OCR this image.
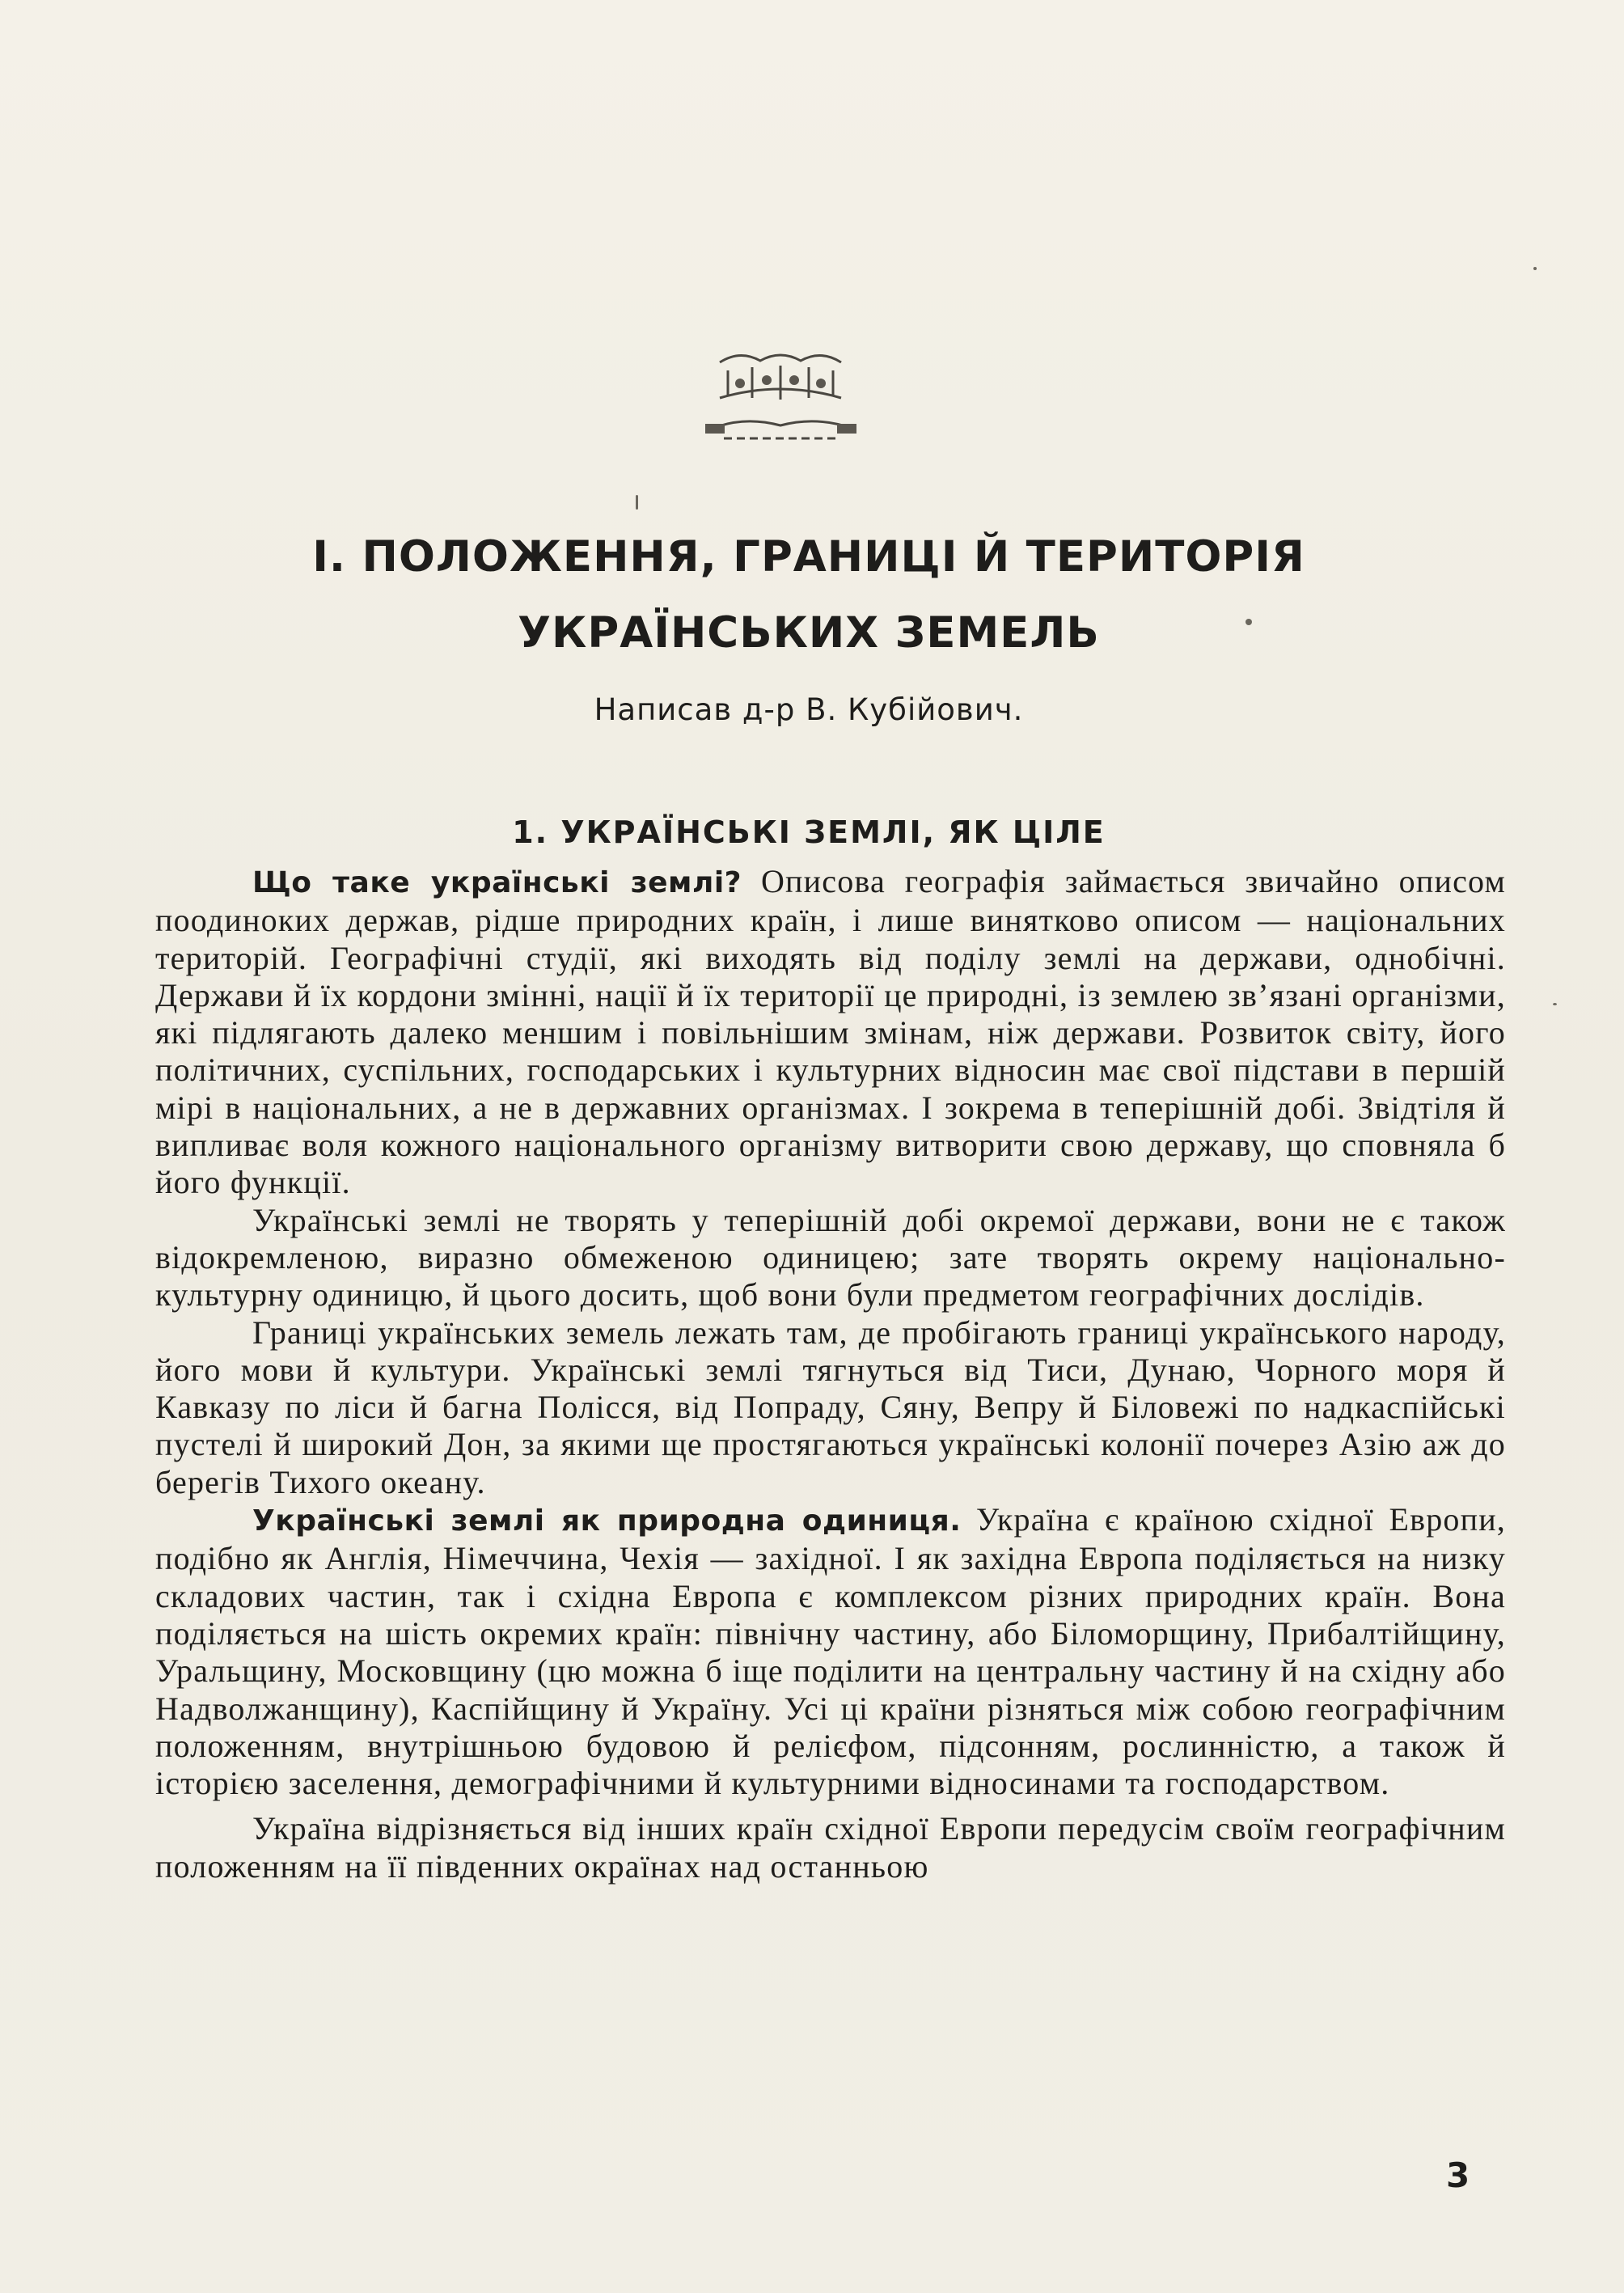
І. ПОЛОЖЕННЯ, ГРАНИЦІ Й ТЕРИТОРІЯ
УКРАЇНСЬКИХ ЗЕМЕЛЬ
Написав д-р В. Кубійович.
1. УКРАЇНСЬКІ ЗЕМЛІ, ЯК ЦІЛЕ

Що таке українські землі? Описова географія займається звичайно описом поодиноких держав, рідше природних країн, і лише винятково описом — національних територій. Географічні студії, які виходять від поділу землі на держави, однобічні. Держави й їх кордони змінні, нації й їх території це природні, із землею зв’язані організми, які підлягають далеко меншим і повільнішим змінам, ніж держави. Розвиток світу, його політичних, суспільних, господарських і культурних відносин має свої підстави в першій мірі в національних, а не в державних організмах. І зокрема в теперішній добі. Звідтіля й випливає воля кожного національного організму витворити свою державу, що сповняла б його функції.

Українські землі не творять у теперішній добі окремої держави, вони не є також відокремленою, виразно обмеженою одиницею; зате творять окрему національно-культурну одиницю, й цього досить, щоб вони були предметом географічних дослідів.

Границі українських земель лежать там, де пробігають границі українського народу, його мови й культури. Українські землі тягнуться від Тиси, Дунаю, Чорного моря й Кавказу по ліси й багна Полісся, від Попраду, Сяну, Вепру й Біловежі по надкаспійські пустелі й широкий Дон, за якими ще простягаються українські колонії почерез Азію аж до берегів Тихого океану.

Українські землі як природна одиниця. Україна є країною східної Европи, подібно як Англія, Німеччина, Чехія — західної. І як західна Европа поділяється на низку складових частин, так і східна Европа є комплексом різних природних країн. Вона поділяється на шість окремих країн: північну частину, або Біломорщину, Прибалтійщину, Уральщину, Московщину (цю можна б іще поділити на центральну частину й на східну або Надволжанщину), Каспійщину й Україну. Усі ці країни різняться між собою географічним положенням, внутрішньою будовою й релієфом, підсонням, рослинністю, а також й історією заселення, демографічними й культурними відносинами та господарством.

Україна відрізняється від інших країн східної Европи передусім своїм географічним положенням на її південних окраїнах над останньою

3
